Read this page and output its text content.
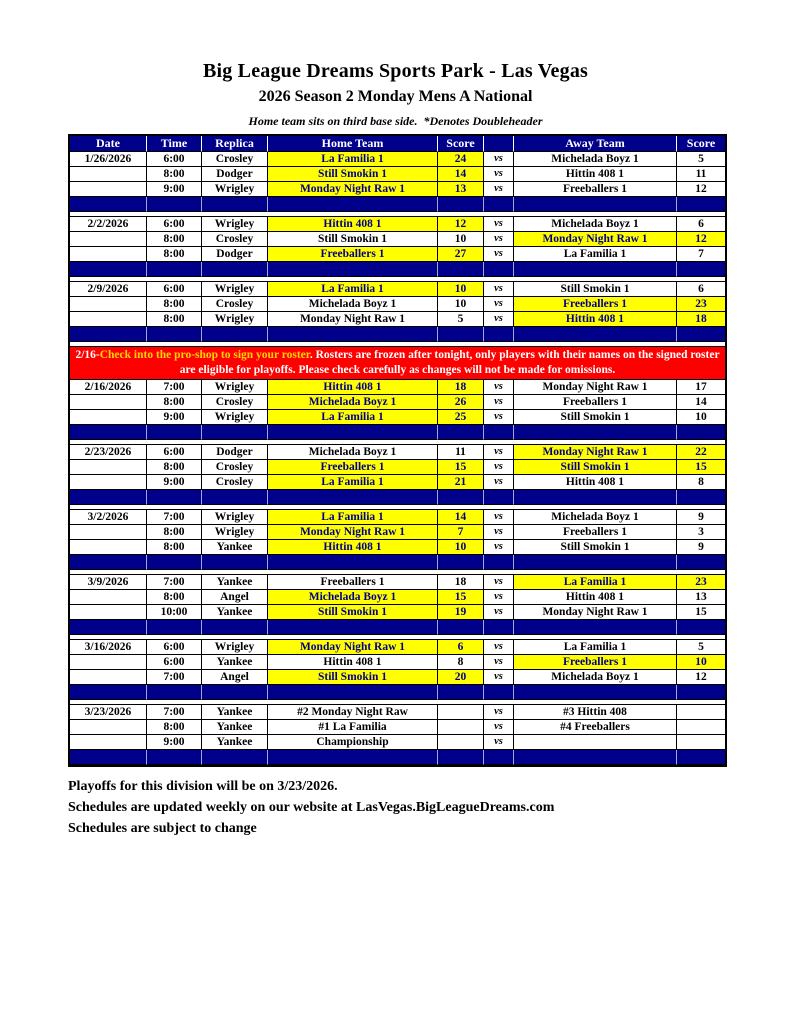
Big League Dreams Sports Park - Las Vegas
2026 Season 2 Monday Mens A National
Home team sits on third base side.  *Denotes Doubleheader
Date	Time	Replica	Home Team	Score		Away Team	Score
1/26/2026	6:00	Crosley	La Familia 1	24	vs	Michelada Boyz 1	5
	8:00	Dodger	Still Smokin 1	14	vs	Hittin 408 1	11
	9:00	Wrigley	Monday Night Raw 1	13	vs	Freeballers 1	12

2/2/2026	6:00	Wrigley	Hittin 408 1	12	vs	Michelada Boyz 1	6
	8:00	Crosley	Still Smokin 1	10	vs	Monday Night Raw 1	12
	8:00	Dodger	Freeballers 1	27	vs	La Familia 1	7

2/9/2026	6:00	Wrigley	La Familia 1	10	vs	Still Smokin 1	6
	8:00	Crosley	Michelada Boyz 1	10	vs	Freeballers 1	23
	8:00	Wrigley	Monday Night Raw 1	5	vs	Hittin 408 1	18

2/16-Check into the pro-shop to sign your roster. Rosters are frozen after tonight, only players with their names on the signed roster are eligible for playoffs. Please check carefully as changes will not be made for omissions.							
2/16/2026	7:00	Wrigley	Hittin 408 1	18	vs	Monday Night Raw 1	17
	8:00	Crosley	Michelada Boyz 1	26	vs	Freeballers 1	14
	9:00	Wrigley	La Familia 1	25	vs	Still Smokin 1	10

2/23/2026	6:00	Dodger	Michelada Boyz 1	11	vs	Monday Night Raw 1	22
	8:00	Crosley	Freeballers 1	15	vs	Still Smokin 1	15
	9:00	Crosley	La Familia 1	21	vs	Hittin 408 1	8

3/2/2026	7:00	Wrigley	La Familia 1	14	vs	Michelada Boyz 1	9
	8:00	Wrigley	Monday Night Raw 1	7	vs	Freeballers 1	3
	8:00	Yankee	Hittin 408 1	10	vs	Still Smokin 1	9

3/9/2026	7:00	Yankee	Freeballers 1	18	vs	La Familia 1	23
	8:00	Angel	Michelada Boyz 1	15	vs	Hittin 408 1	13
	10:00	Yankee	Still Smokin 1	19	vs	Monday Night Raw 1	15

3/16/2026	6:00	Wrigley	Monday Night Raw 1	6	vs	La Familia 1	5
	6:00	Yankee	Hittin 408 1	8	vs	Freeballers 1	10
	7:00	Angel	Still Smokin 1	20	vs	Michelada Boyz 1	12

3/23/2026	7:00	Yankee	#2 Monday Night Raw		vs	#3 Hittin 408	
	8:00	Yankee	#1 La Familia		vs	#4 Freeballers	
	9:00	Yankee	Championship		vs		

Playoffs for this division will be on 3/23/2026.
Schedules are updated weekly on our website at LasVegas.BigLeagueDreams.com
Schedules are subject to change
